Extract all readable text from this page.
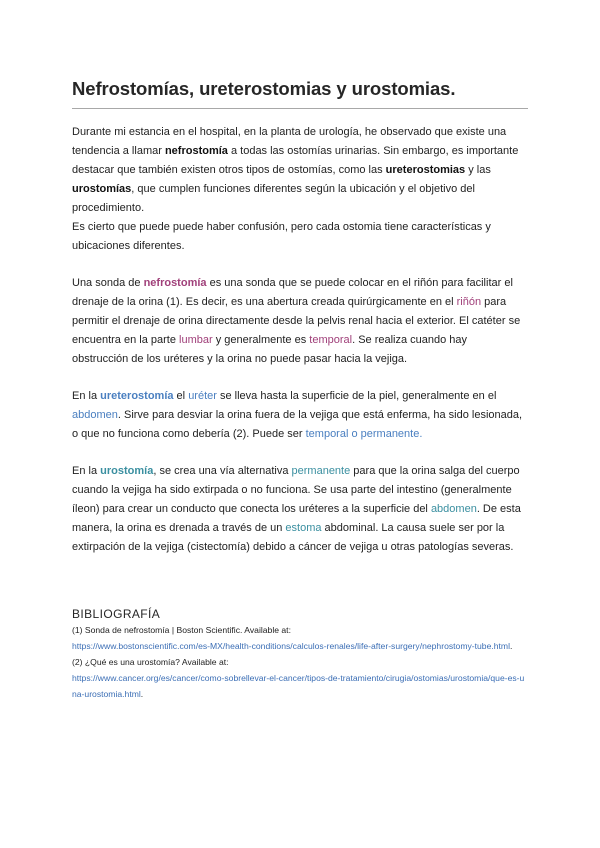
Nefrostomías, ureterostomias y urostomias.

Durante mi estancia en el hospital, en la planta de urología, he observado que existe una tendencia a llamar nefrostomía a todas las ostomías urinarias. Sin embargo, es importante destacar que también existen otros tipos de ostomías, como las ureterostomias y las urostomías, que cumplen funciones diferentes según la ubicación y el objetivo del procedimiento.
Es cierto que puede puede haber confusión, pero cada ostomia tiene características y ubicaciones diferentes.

Una sonda de nefrostomía es una sonda que se puede colocar en el riñón para facilitar el drenaje de la orina (1). Es decir, es una abertura creada quirúrgicamente en el riñón para permitir el drenaje de orina directamente desde la pelvis renal hacia el exterior. El catéter se encuentra en la parte lumbar y generalmente es temporal. Se realiza cuando hay obstrucción de los uréteres y la orina no puede pasar hacia la vejiga.

En la ureterostomía el uréter se lleva hasta la superficie de la piel, generalmente en el abdomen. Sirve para desviar la orina fuera de la vejiga que está enferma, ha sido lesionada, o que no funciona como debería (2). Puede ser temporal o permanente.

En la urostomía, se crea una vía alternativa permanente para que la orina salga del cuerpo cuando la vejiga ha sido extirpada o no funciona. Se usa parte del intestino (generalmente íleon) para crear un conducto que conecta los uréteres a la superficie del abdomen. De esta manera, la orina es drenada a través de un estoma abdominal. La causa suele ser por la extirpación de la vejiga (cistectomía) debido a cáncer de vejiga u otras patologías severas.

BIBLIOGRAFÍA
(1) Sonda de nefrostomía | Boston Scientific. Available at:
https://www.bostonscientific.com/es-MX/health-conditions/calculos-renales/life-after-surgery/nephrostomy-tube.html.
(2) ¿Qué es una urostomía? Available at:
https://www.cancer.org/es/cancer/como-sobrellevar-el-cancer/tipos-de-tratamiento/cirugia/ostomias/urostomia/que-es-una-urostomia.html.
